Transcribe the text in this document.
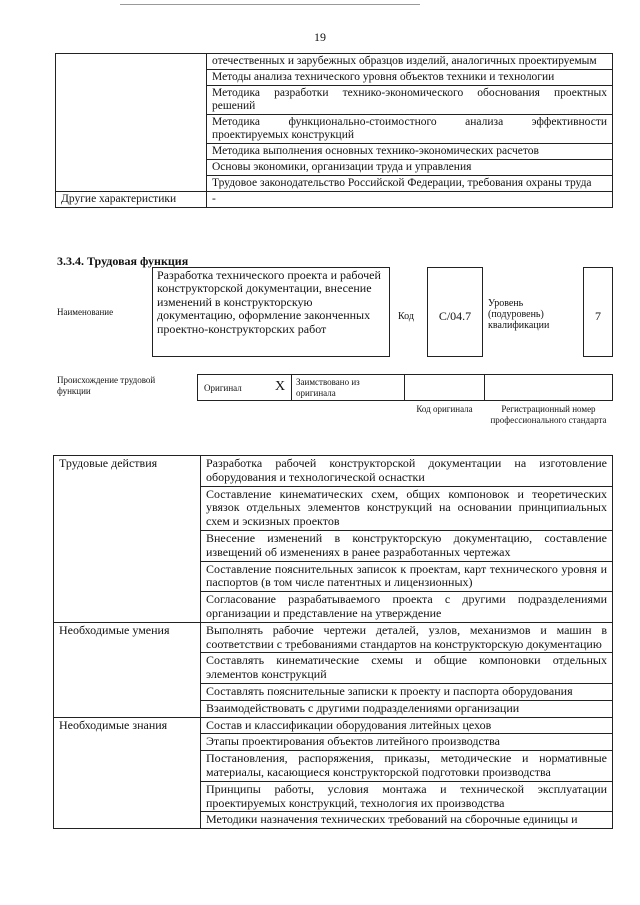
19
	отечественных и зарубежных образцов изделий, аналогичных проектируемым
	Методы анализа технического уровня объектов техники и технологии
	Методика разработки технико-экономического обоснования проектных решений
	Методика функционально-стоимостного анализа эффективности проектируемых конструкций
	Методика выполнения основных технико-экономических расчетов
	Основы экономики, организации труда и управления
	Трудовое законодательство Российской Федерации, требования охраны труда
Другие характеристики	-
3.3.4. Трудовая функция
Наименование
Разработка технического проекта и рабочей конструкторской документации, внесение изменений в конструкторскую документацию, оформление законченных проектно-конструкторских работ
Код	С/04.7
Уровень (подуровень) квалификации
7
Происхождение трудовой функции	Оригинал Х	Заимствовано из оригинала
Код оригинала	Регистрационный номер профессионального стандарта
Трудовые действия	Разработка рабочей конструкторской документации на изготовление оборудования и технологической оснастки
	Составление кинематических схем, общих компоновок и теоретических увязок отдельных элементов конструкций на основании принципиальных схем и эскизных проектов
	Внесение изменений в конструкторскую документацию, составление извещений об изменениях в ранее разработанных чертежах
	Составление пояснительных записок к проектам, карт технического уровня и паспортов (в том числе патентных и лицензионных)
	Согласование разрабатываемого проекта с другими подразделениями организации и представление на утверждение
Необходимые умения	Выполнять рабочие чертежи деталей, узлов, механизмов и машин в соответствии с требованиями стандартов на конструкторскую документацию
	Составлять кинематические схемы и общие компоновки отдельных элементов конструкций
	Составлять пояснительные записки к проекту и паспорта оборудования
	Взаимодействовать с другими подразделениями организации
Необходимые знания	Состав и классификации оборудования литейных цехов
	Этапы проектирования объектов литейного производства
	Постановления, распоряжения, приказы, методические и нормативные материалы, касающиеся конструкторской подготовки производства
	Принципы работы, условия монтажа и технической эксплуатации проектируемых конструкций, технология их производства
	Методики назначения технических требований на сборочные единицы и
